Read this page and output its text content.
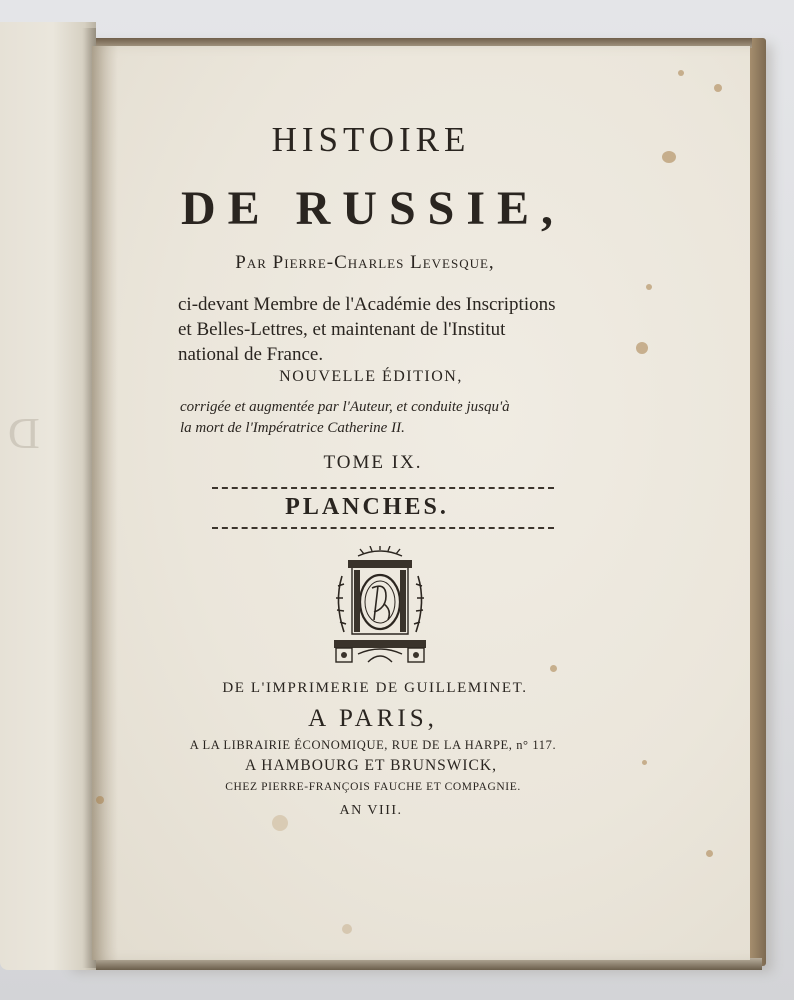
D
HISTOIRE
DE RUSSIE,
Par Pierre-Charles Levesque,
ci-devant Membre de l'Académie des Inscriptions
et Belles-Lettres, et maintenant de l'Institut
national de France.
NOUVELLE ÉDITION,
corrigée et augmentée par l'Auteur, et conduite jusqu'à
la mort de l'Impératrice Catherine II.
TOME IX.
PLANCHES.
DE L'IMPRIMERIE DE GUILLEMINET.
A PARIS,
A LA LIBRAIRIE ÉCONOMIQUE, RUE DE LA HARPE, n° 117.
A HAMBOURG ET BRUNSWICK,
CHEZ PIERRE-FRANÇOIS FAUCHE ET COMPAGNIE.
AN VIII.
